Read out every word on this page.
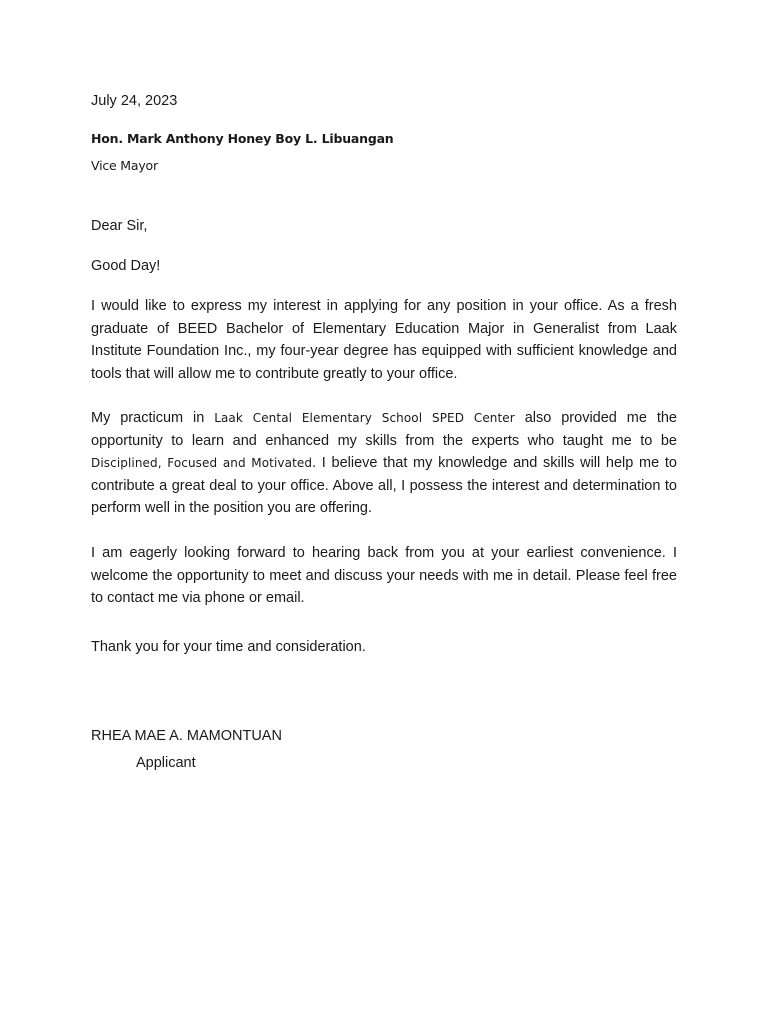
July 24, 2023

Hon. Mark Anthony Honey Boy L. Libuangan

Vice Mayor

Dear Sir,

Good Day!

I would like to express my interest in applying for any position in your office. As a fresh graduate of BEED Bachelor of Elementary Education Major in Generalist from Laak Institute Foundation Inc., my four-year degree has equipped with sufficient knowledge and tools that will allow me to contribute greatly to your office.

My practicum in Laak Cental Elementary School SPED Center also provided me the opportunity to learn and enhanced my skills from the experts who taught me to be Disciplined, Focused and Motivated. I believe that my knowledge and skills will help me to contribute a great deal to your office. Above all, I possess the interest and determination to perform well in the position you are offering.

I am eagerly looking forward to hearing back from you at your earliest convenience. I welcome the opportunity to meet and discuss your needs with me in detail. Please feel free to contact me via phone or email.

Thank you for your time and consideration.

RHEA MAE A. MAMONTUAN

Applicant
